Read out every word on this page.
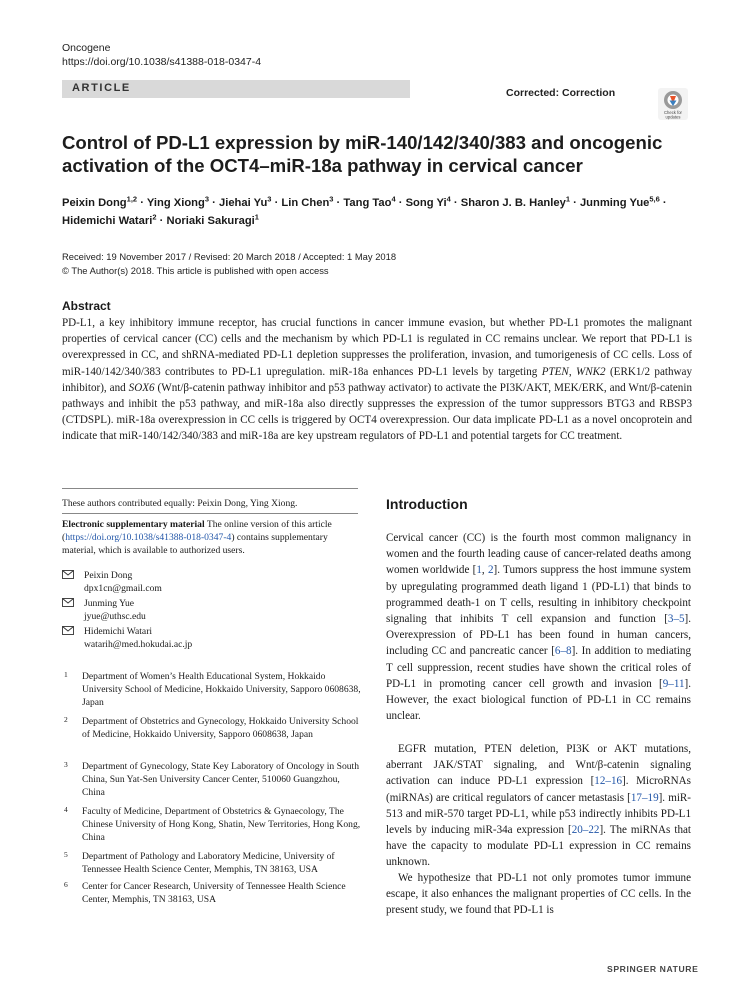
Oncogene
https://doi.org/10.1038/s41388-018-0347-4
ARTICLE	Corrected: Correction
Check for
updates
Control of PD-L1 expression by miR-140/142/340/383 and oncogenic activation of the OCT4–miR-18a pathway in cervical cancer
Peixin Dong$^{1,2}$ · Ying Xiong$^3$ · Jiehai $Yu^3$ · Lin Chen$^3$ · Tang Tao$^4$ · Song $Yi^4$ · Sharon J. B. Hanley$^1$ · Junming Yue$^{5,6}$ · Hidemichi Watari$^2$ · Noriaki Sakuragi$^1$
Received: 19 November 2017 / Revised: 20 March 2018 / Accepted: 1 May 2018
© The Author(s) 2018. This article is published with open access
Abstract
PD-L1, a key inhibitory immune receptor, has crucial functions in cancer immune evasion, but whether PD-L1 promotes the malignant properties of cervical cancer (CC) cells and the mechanism by which PD-L1 is regulated in CC remains unclear. We report that PD-L1 is overexpressed in CC, and shRNA-mediated PD-L1 depletion suppresses the proliferation, invasion, and tumorigenesis of CC cells. Loss of miR-140/142/340/383 contributes to PD-L1 upregulation. miR-18a enhances PD-L1 levels by targeting PTEN, WNK2 (ERK1/2 pathway inhibitor), and SOX6 (Wnt/β-catenin pathway inhibitor and p53 pathway activator) to activate the PI3K/AKT, MEK/ERK, and Wnt/β-catenin pathways and inhibit the p53 pathway, and miR-18a also directly suppresses the expression of the tumor suppressors BTG3 and RBSP3 (CTDSPL). miR-18a overexpression in CC cells is triggered by OCT4 overexpression. Our data implicate PD-L1 as a novel oncoprotein and indicate that miR-140/142/340/383 and miR-18a are key upstream regulators of PD-L1 and potential targets for CC treatment.
These authors contributed equally: Peixin Dong, Ying Xiong.
Electronic supplementary material The online version of this article (https://doi.org/10.1038/s41388-018-0347-4) contains supplementary material, which is available to authorized users.
Peixin Dong
dpx1cn@gmail.com
Junming Yue
jyue@uthsc.edu
Hidemichi Watari
watarih@med.hokudai.ac.jp
1 Department of Women’s Health Educational System, Hokkaido University School of Medicine, Hokkaido University, Sapporo 0608638, Japan
2 Department of Obstetrics and Gynecology, Hokkaido University School of Medicine, Hokkaido University, Sapporo 0608638, Japan
3 Department of Gynecology, State Key Laboratory of Oncology in South China, Sun Yat-Sen University Cancer Center, 510060 Guangzhou, China
4 Faculty of Medicine, Department of Obstetrics & Gynaecology, The Chinese University of Hong Kong, Shatin, New Territories, Hong Kong, China
5 Department of Pathology and Laboratory Medicine, University of Tennessee Health Science Center, Memphis, TN 38163, USA
6 Center for Cancer Research, University of Tennessee Health Science Center, Memphis, TN 38163, USA
Introduction
Cervical cancer (CC) is the fourth most common malignancy in women and the fourth leading cause of cancer-related deaths among women worldwide [1, 2]. Tumors suppress the host immune system by upregulating programmed death ligand 1 (PD-L1) that binds to programmed death-1 on T cells, resulting in inhibitory checkpoint signaling that inhibits T cell expansion and function [3–5]. Overexpression of PD-L1 has been found in human cancers, including CC and pancreatic cancer [6–8]. In addition to mediating T cell suppression, recent studies have shown the critical roles of PD-L1 in promoting cancer cell growth and invasion [9–11]. However, the exact biological function of PD-L1 in CC remains unclear.
EGFR mutation, PTEN deletion, PI3K or AKT mutations, aberrant JAK/STAT signaling, and Wnt/β-catenin signaling activation can induce PD-L1 expression [12–16]. MicroRNAs (miRNAs) are critical regulators of cancer metastasis [17–19]. miR-513 and miR-570 target PD-L1, while p53 indirectly inhibits PD-L1 levels by inducing miR-34a expression [20–22]. The miRNAs that have the capacity to modulate PD-L1 expression in CC remains unknown.
We hypothesize that PD-L1 not only promotes tumor immune escape, it also enhances the malignant properties of CC cells. In the present study, we found that PD-L1 is
SPRINGER NATURE
